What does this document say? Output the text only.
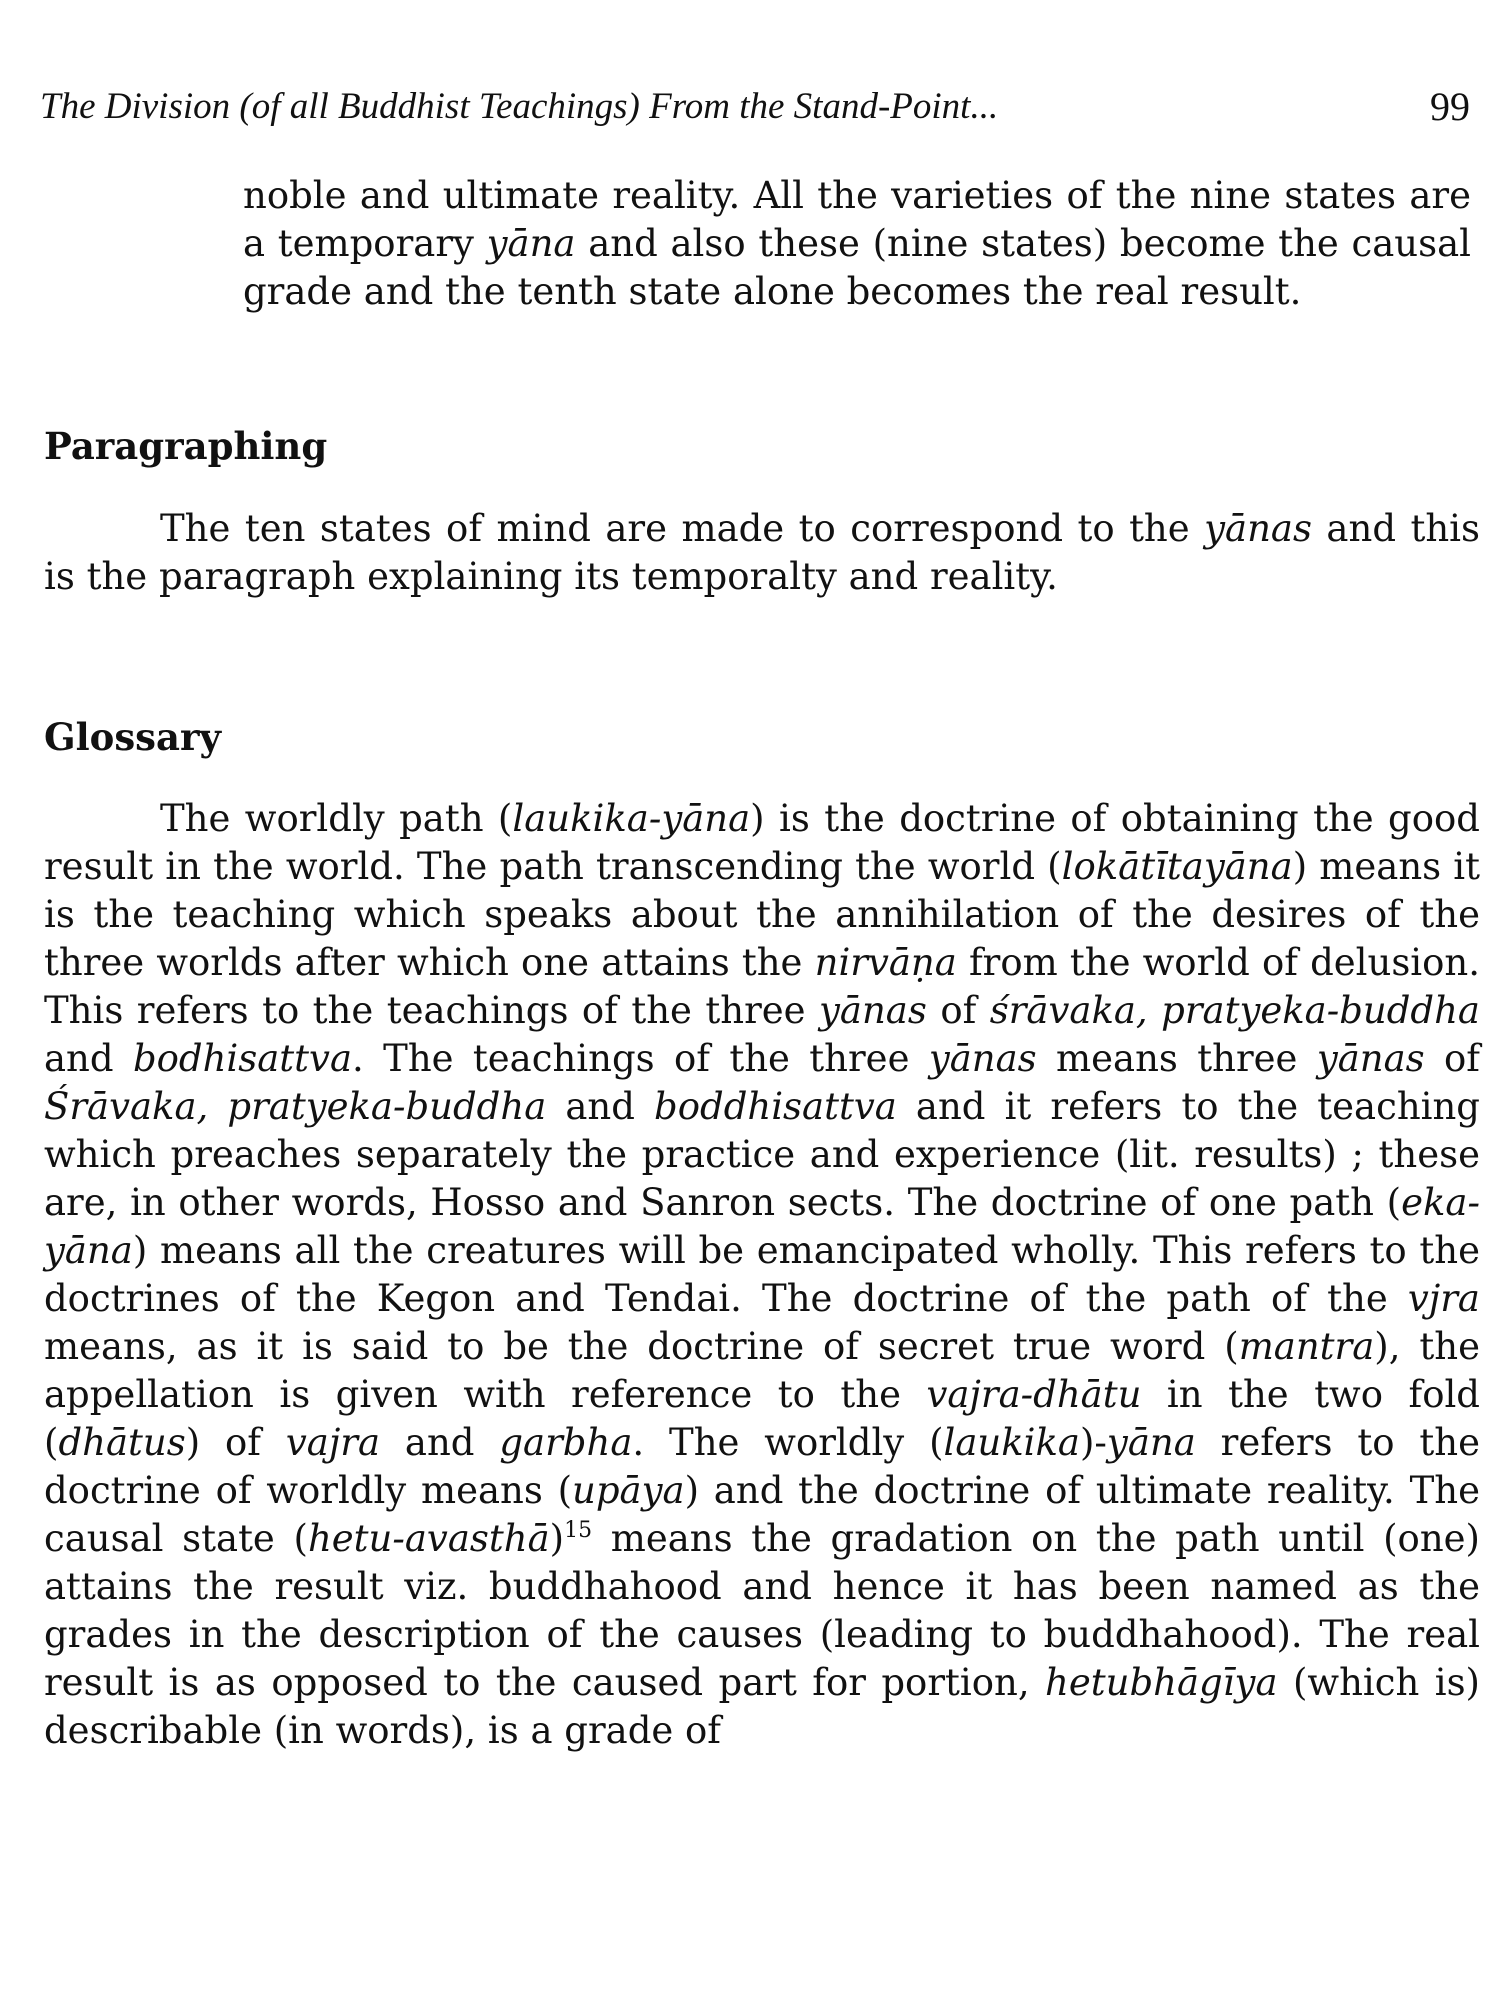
The Division (of all Buddhist Teachings) From the Stand-Point...	99

noble and ultimate reality. All the varieties of the nine states are a temporary yāna and also these (nine states) become the causal grade and the tenth state alone becomes the real result.

Paragraphing

The ten states of mind are made to correspond to the yānas and this is the paragraph explaining its temporalty and reality.

Glossary

The worldly path (laukika-yāna) is the doctrine of obtaining the good result in the world. The path transcending the world (lokātītayāna) means it is the teaching which speaks about the annihilation of the desires of the three worlds after which one attains the nirvāṇa from the world of delusion. This refers to the teachings of the three yānas of śrāvaka, pratyeka-buddha and bodhisattva. The teachings of the three yānas means three yānas of Śrāvaka, pratyeka-buddha and boddhisattva and it refers to the teaching which preaches separately the practice and experience (lit. results) ; these are, in other words, Hosso and Sanron sects. The doctrine of one path (eka-yāna) means all the creatures will be emancipated wholly. This refers to the doctrines of the Kegon and Tendai. The doctrine of the path of the vjra means, as it is said to be the doctrine of secret true word (mantra), the appellation is given with reference to the vajra-dhātu in the two fold (dhātus) of vajra and garbha. The worldly (laukika)-yāna refers to the doctrine of worldly means (upāya) and the doctrine of ultimate reality. The causal state (hetu-avasthā)$^{15}$ means the gradation on the path until (one) attains the result viz. buddhahood and hence it has been named as the grades in the description of the causes (leading to buddhahood). The real result is as opposed to the caused part for portion, hetubhāgīya (which is) describable (in words), is a grade of
